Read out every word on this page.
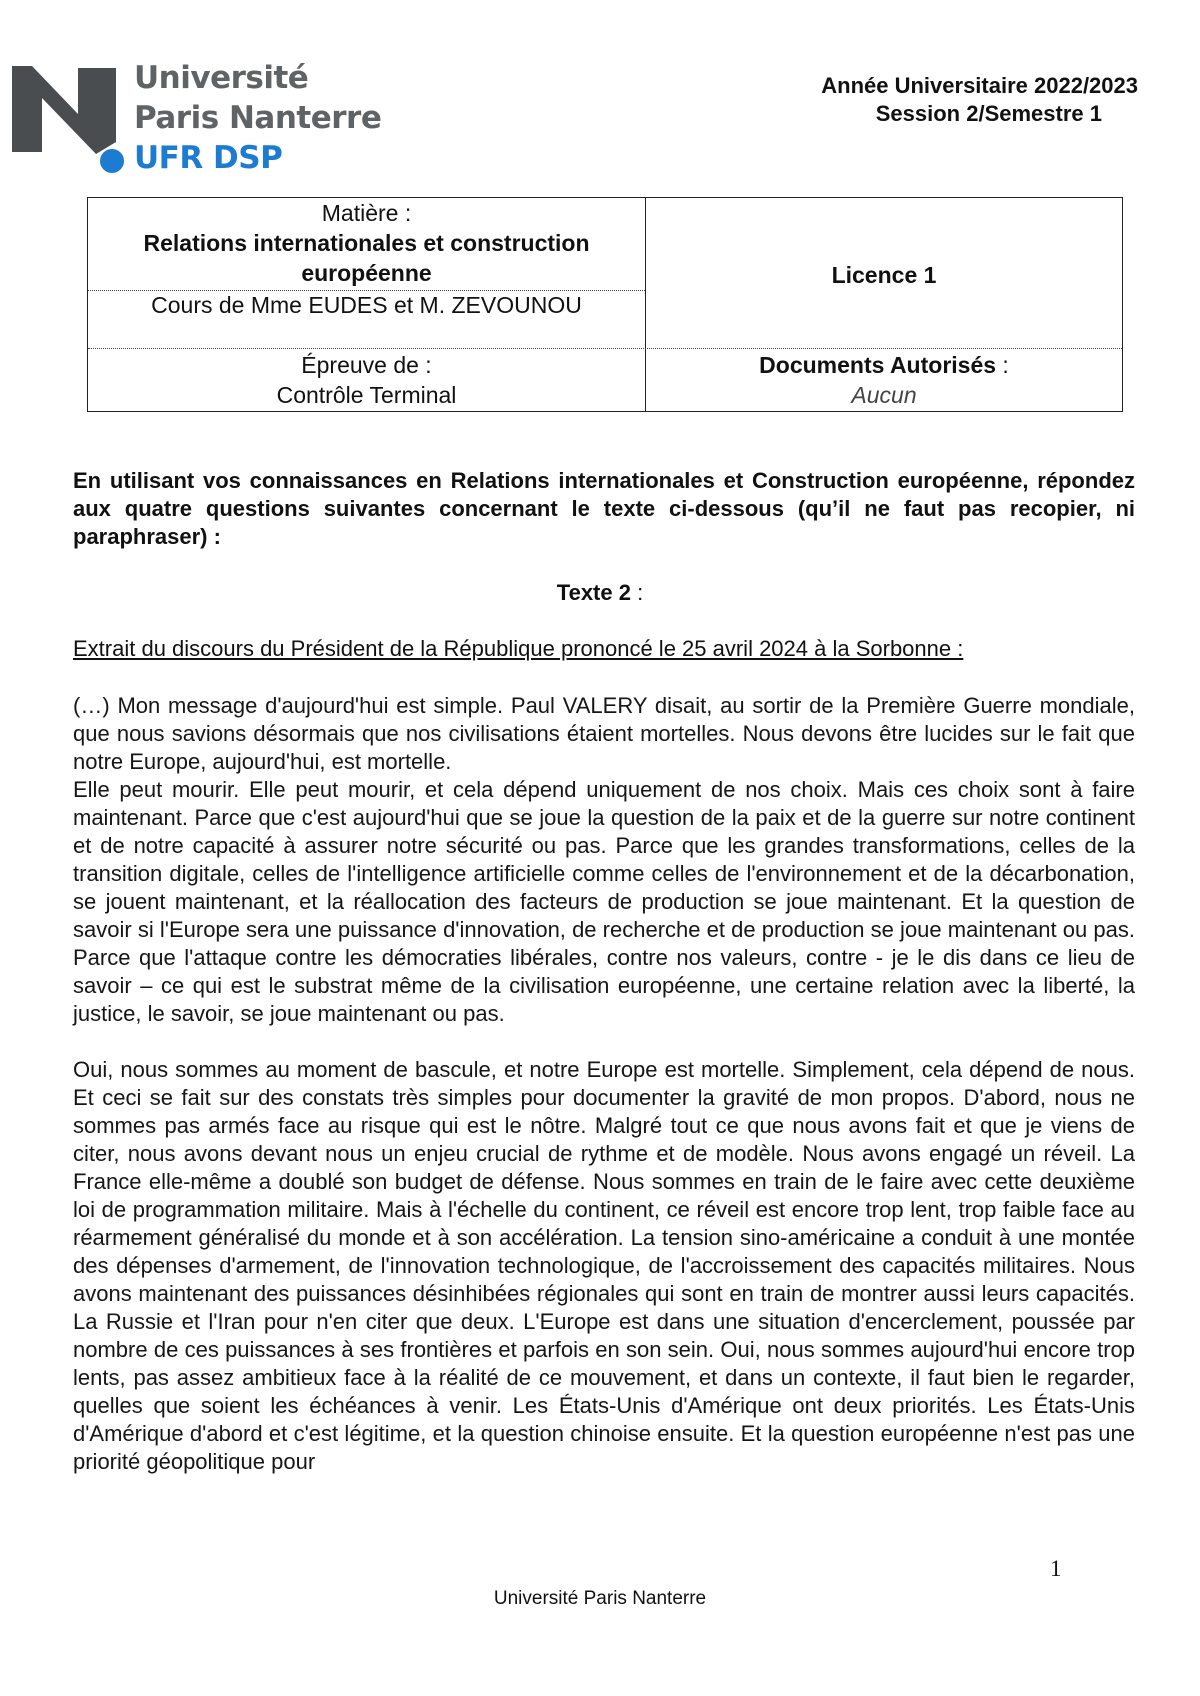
Université
Paris Nanterre
UFR DSP
Année Universitaire 2022/2023
Session 2/Semestre 1
Matière :
Relations internationales et construction européenne
Cours de Mme EUDES et M. ZEVOUNOU
Licence 1
Épreuve de :
Contrôle Terminal
Documents Autorisés :
Aucun
En utilisant vos connaissances en Relations internationales et Construction européenne, répondez aux quatre questions suivantes concernant le texte ci-dessous (qu’il ne faut pas recopier, ni paraphraser) :
Texte 2 :
Extrait du discours du Président de la République prononcé le 25 avril 2024 à la Sorbonne :

(…) Mon message d'aujourd'hui est simple. Paul VALERY disait, au sortir de la Première Guerre mondiale, que nous savions désormais que nos civilisations étaient mortelles. Nous devons être lucides sur le fait que notre Europe, aujourd'hui, est mortelle.

Elle peut mourir. Elle peut mourir, et cela dépend uniquement de nos choix. Mais ces choix sont à faire maintenant. Parce que c'est aujourd'hui que se joue la question de la paix et de la guerre sur notre continent et de notre capacité à assurer notre sécurité ou pas. Parce que les grandes transformations, celles de la transition digitale, celles de l'intelligence artificielle comme celles de l'environnement et de la décarbonation, se jouent maintenant, et la réallocation des facteurs de production se joue maintenant. Et la question de savoir si l'Europe sera une puissance d'innovation, de recherche et de production se joue maintenant ou pas. Parce que l'attaque contre les démocraties libérales, contre nos valeurs, contre - je le dis dans ce lieu de savoir – ce qui est le substrat même de la civilisation européenne, une certaine relation avec la liberté, la justice, le savoir, se joue maintenant ou pas.

Oui, nous sommes au moment de bascule, et notre Europe est mortelle. Simplement, cela dépend de nous. Et ceci se fait sur des constats très simples pour documenter la gravité de mon propos. D'abord, nous ne sommes pas armés face au risque qui est le nôtre. Malgré tout ce que nous avons fait et que je viens de citer, nous avons devant nous un enjeu crucial de rythme et de modèle. Nous avons engagé un réveil. La France elle-même a doublé son budget de défense. Nous sommes en train de le faire avec cette deuxième loi de programmation militaire. Mais à l'échelle du continent, ce réveil est encore trop lent, trop faible face au réarmement généralisé du monde et à son accélération. La tension sino-américaine a conduit à une montée des dépenses d'armement, de l'innovation technologique, de l'accroissement des capacités militaires. Nous avons maintenant des puissances désinhibées régionales qui sont en train de montrer aussi leurs capacités. La Russie et l'Iran pour n'en citer que deux. L'Europe est dans une situation d'encerclement, poussée par nombre de ces puissances à ses frontières et parfois en son sein. Oui, nous sommes aujourd'hui encore trop lents, pas assez ambitieux face à la réalité de ce mouvement, et dans un contexte, il faut bien le regarder, quelles que soient les échéances à venir. Les États-Unis d'Amérique ont deux priorités. Les États-Unis d'Amérique d'abord et c'est légitime, et la question chinoise ensuite. Et la question européenne n'est pas une priorité géopolitique pour

1
Université Paris Nanterre
